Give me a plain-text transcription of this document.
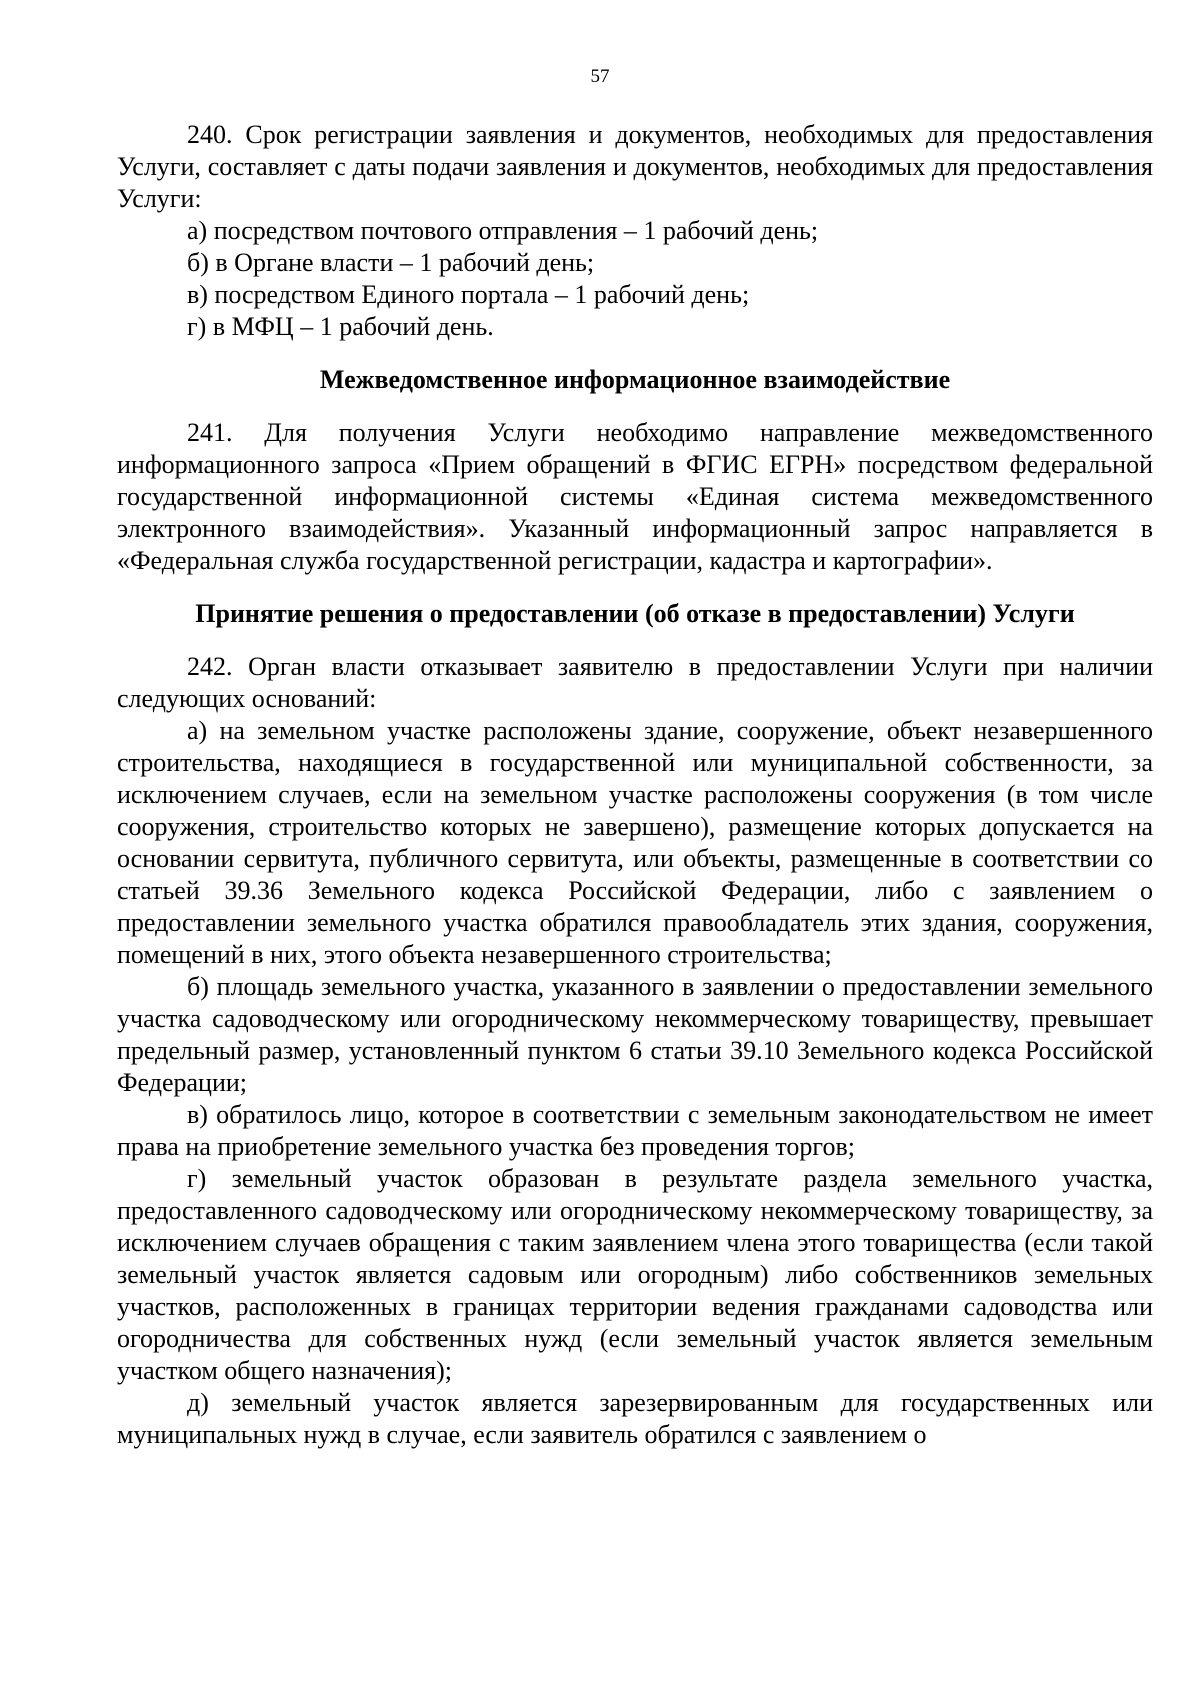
57

240. Срок регистрации заявления и документов, необходимых для предоставления Услуги, составляет с даты подачи заявления и документов, необходимых для предоставления Услуги:

а) посредством почтового отправления – 1 рабочий день;

б) в Органе власти – 1 рабочий день;

в) посредством Единого портала – 1 рабочий день;

г) в МФЦ – 1 рабочий день.

Межведомственное информационное взаимодействие

241. Для получения Услуги необходимо направление межведомственного информационного запроса «Прием обращений в ФГИС ЕГРН» посредством федеральной государственной информационной системы «Единая система межведомственного электронного взаимодействия». Указанный информационный запрос направляется в «Федеральная служба государственной регистрации, кадастра и картографии».

Принятие решения о предоставлении (об отказе в предоставлении) Услуги

242. Орган власти отказывает заявителю в предоставлении Услуги при наличии следующих оснований:

а) на земельном участке расположены здание, сооружение, объект незавершенного строительства, находящиеся в государственной или муниципальной собственности, за исключением случаев, если на земельном участке расположены сооружения (в том числе сооружения, строительство которых не завершено), размещение которых допускается на основании сервитута, публичного сервитута, или объекты, размещенные в соответствии со статьей 39.36 Земельного кодекса Российской Федерации, либо с заявлением о предоставлении земельного участка обратился правообладатель этих здания, сооружения, помещений в них, этого объекта незавершенного строительства;

б) площадь земельного участка, указанного в заявлении о предоставлении земельного участка садоводческому или огородническому некоммерческому товариществу, превышает предельный размер, установленный пунктом 6 статьи 39.10 Земельного кодекса Российской Федерации;

в) обратилось лицо, которое в соответствии с земельным законодательством не имеет права на приобретение земельного участка без проведения торгов;

г) земельный участок образован в результате раздела земельного участка, предоставленного садоводческому или огородническому некоммерческому товариществу, за исключением случаев обращения с таким заявлением члена этого товарищества (если такой земельный участок является садовым или огородным) либо собственников земельных участков, расположенных в границах территории ведения гражданами садоводства или огородничества для собственных нужд (если земельный участок является земельным участком общего назначения);

д) земельный участок является зарезервированным для государственных или муниципальных нужд в случае, если заявитель обратился с заявлением о
